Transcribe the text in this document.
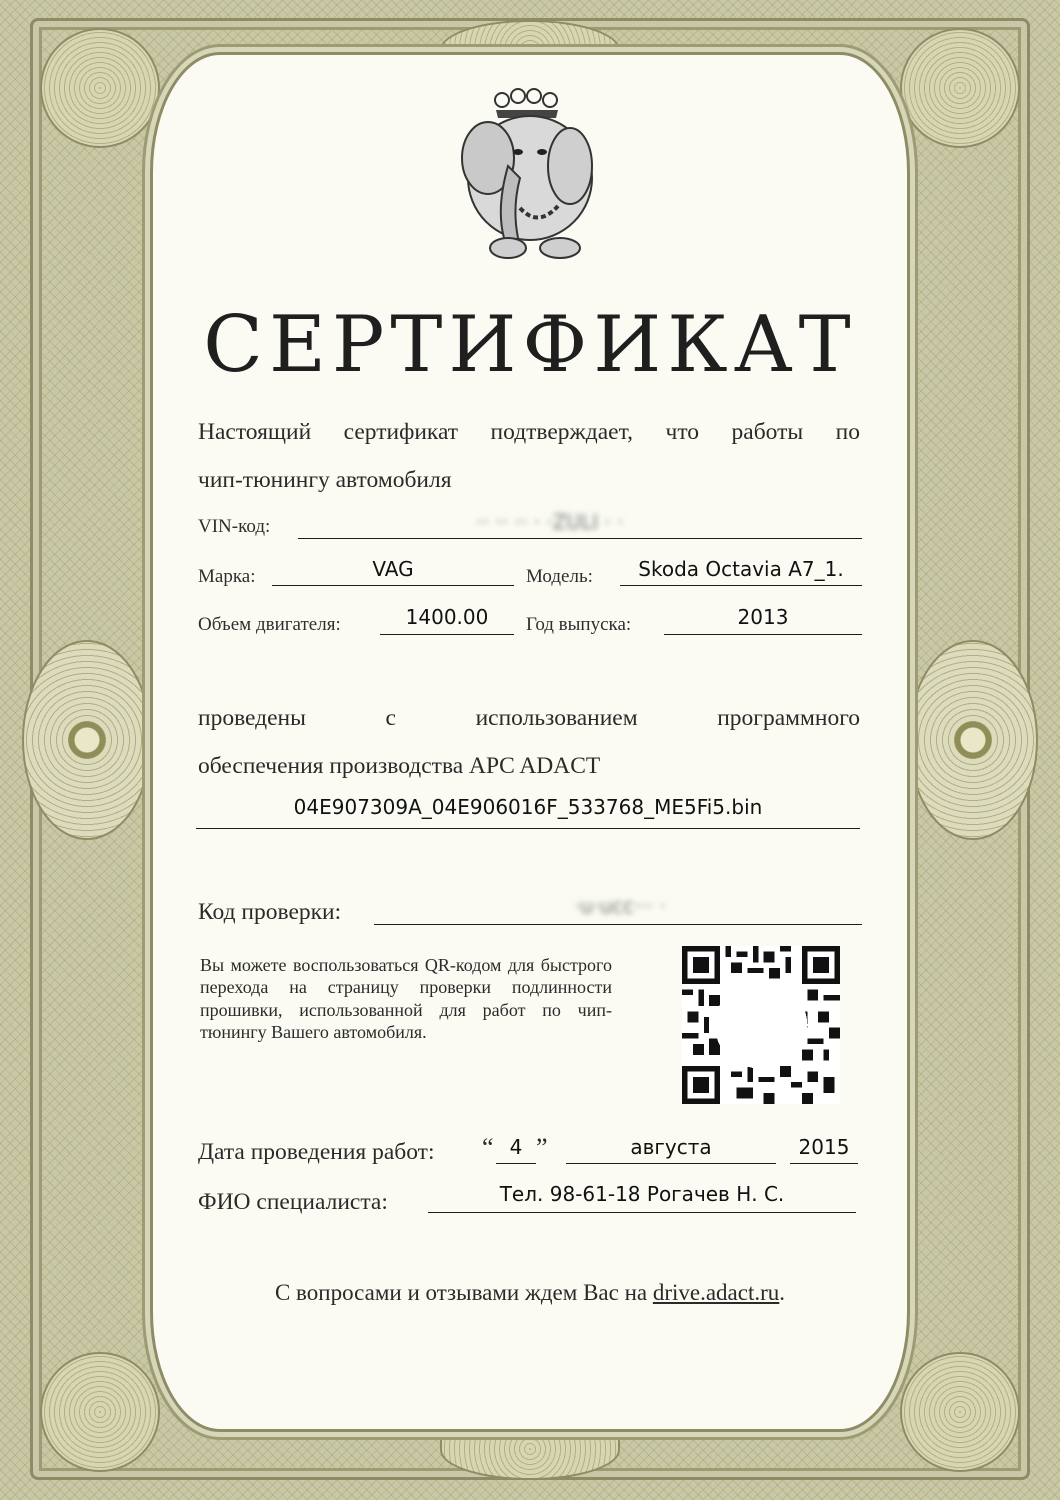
СЕРТИФИКАТ
Настоящий сертификат подтверждает, что работы по
чип-тюнингу автомобиля
VIN-код:	·· ·· ·· · ·ZULI · ·
Марка:	VAG	Модель:	Skoda Octavia A7_1.
Объем двигателя:	1400.00	Год выпуска:	2013
проведены с использованием программного
обеспечения производства APC ADACT
04E907309A_04E906016F_533768_ME5Fi5.bin
Код проверки:	·u·ucc··· ·
Вы можете воспользоваться QR-кодом для быстрого перехода на страницу проверки подлинности прошивки, использованной для работ по чип-тюнингу Вашего автомобиля.
Дата проведения работ: “ 4 ”	августа	2015
ФИО специалиста:	Тел. 98-61-18 Рогачев Н. С.
С вопросами и отзывами ждем Вас на drive.adact.ru.
